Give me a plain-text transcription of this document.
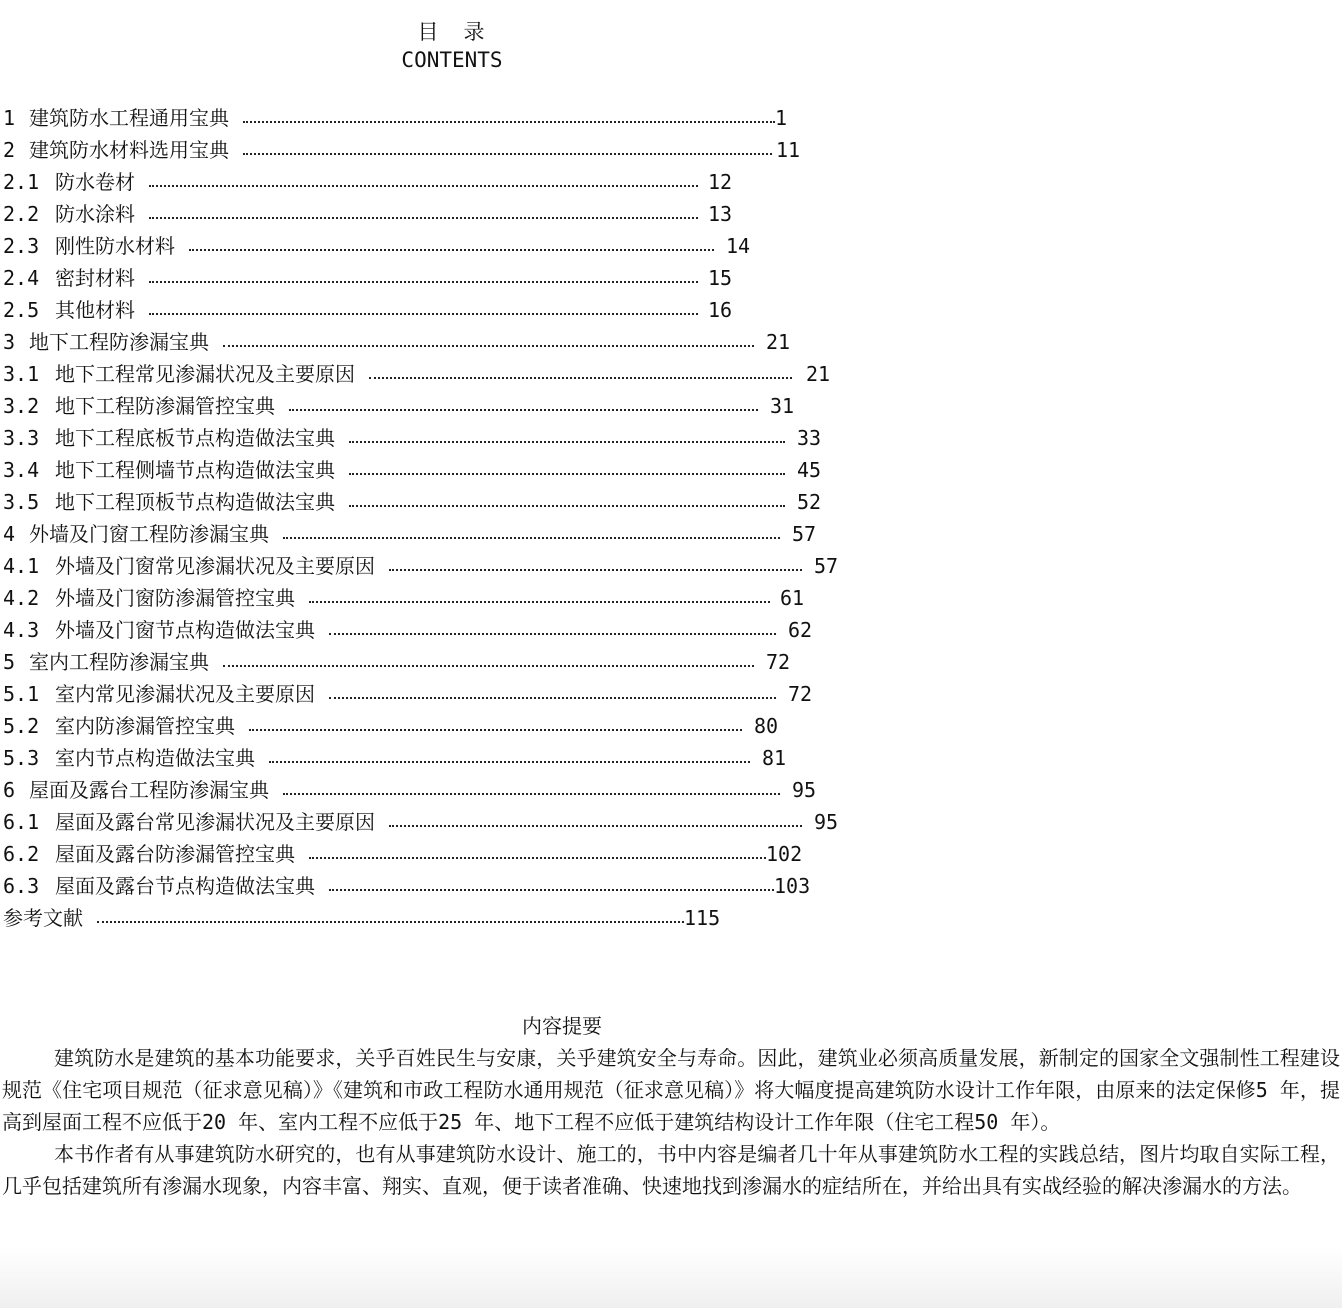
目　录
CONTENTS
1 建筑防水工程通用宝典	1
2 建筑防水材料选用宝典	11
2.1 防水卷材	12
2.2 防水涂料	13
2.3 刚性防水材料	14
2.4 密封材料	15
2.5 其他材料	16
3 地下工程防渗漏宝典	21
3.1 地下工程常见渗漏状况及主要原因	21
3.2 地下工程防渗漏管控宝典	31
3.3 地下工程底板节点构造做法宝典	33
3.4 地下工程侧墙节点构造做法宝典	45
3.5 地下工程顶板节点构造做法宝典	52
4 外墙及门窗工程防渗漏宝典	57
4.1 外墙及门窗常见渗漏状况及主要原因	57
4.2 外墙及门窗防渗漏管控宝典	61
4.3 外墙及门窗节点构造做法宝典	62
5 室内工程防渗漏宝典	72
5.1 室内常见渗漏状况及主要原因	72
5.2 室内防渗漏管控宝典	80
5.3 室内节点构造做法宝典	81
6 屋面及露台工程防渗漏宝典	95
6.1 屋面及露台常见渗漏状况及主要原因	95
6.2 屋面及露台防渗漏管控宝典	102
6.3 屋面及露台节点构造做法宝典	103
参考文献	115
内容提要

建筑防水是建筑的基本功能要求，关乎百姓民生与安康，关乎建筑安全与寿命。因此，建筑业必须高质量发展，新制定的国家全文强制性工程建设规范《住宅项目规范（征求意见稿）》《建筑和市政工程防水通用规范（征求意见稿）》将大幅度提高建筑防水设计工作年限，由原来的法定保修5 年，提高到屋面工程不应低于20 年、室内工程不应低于25 年、地下工程不应低于建筑结构设计工作年限（住宅工程50 年）。

本书作者有从事建筑防水研究的，也有从事建筑防水设计、施工的，书中内容是编者几十年从事建筑防水工程的实践总结，图片均取自实际工程，几乎包括建筑所有渗漏水现象，内容丰富、翔实、直观，便于读者准确、快速地找到渗漏水的症结所在，并给出具有实战经验的解决渗漏水的方法。
